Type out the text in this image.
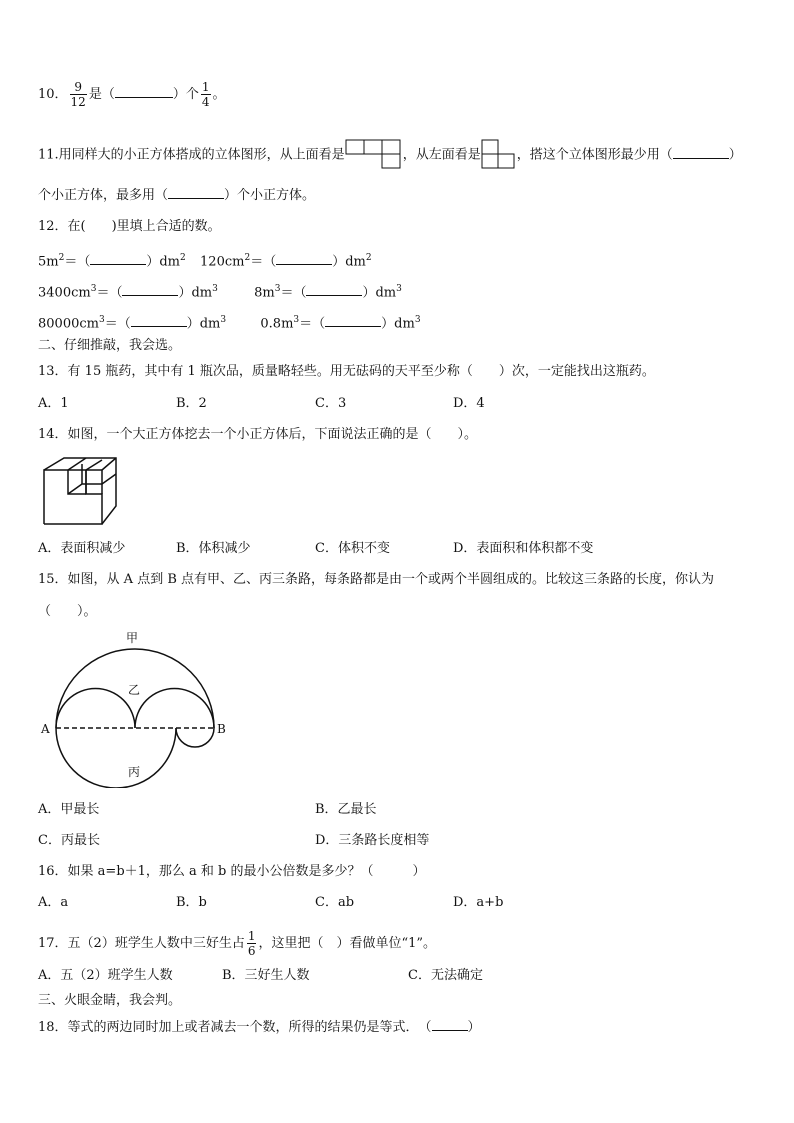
10． $\frac{9}{12}$ 是（	）个 $\frac{1}{4}$ 。
11.用同样大的小正方体搭成的立体图形，从上面看是	，从左面看是	，搭这个立体图形最少用（	）
个小正方体，最多用（	）个小正方体。
12．在(　　)里填上合适的数。
$5m^2=$（	）$dm^2$ $120cm^2=$（	）$dm^2$
$3400cm^3=$（	）$dm^3$	$8m^3=$（	）$dm^3$
$80000cm^3=$（	）$dm^3$	$0.8m^3=$（	）$dm^3$
二、仔细推敲，我会选。
13．有 15 瓶药，其中有 1 瓶次品，质量略轻些。用无砝码的天平至少称（　　）次，一定能找出这瓶药。
A．1	B．2	C．3	D．4
14．如图，一个大正方体挖去一个小正方体后，下面说法正确的是（　　）。
A．表面积减少	B．体积减少	C．体积不变	D．表面积和体积都不变
15．如图，从 A 点到 B 点有甲、乙、丙三条路，每条路都是由一个或两个半圆组成的。比较这三条路的长度，你认为
（　　）。
甲
乙
丙
A	B
A．甲最长	B．乙最长
C．丙最长	D．三条路长度相等
16．如果 a=b＋1，那么 a 和 b 的最小公倍数是多少？（　　　）
A．a	B．b	C．ab	D．a+b
17．五（2）班学生人数中三好生占 $\frac{1}{6}$ ，这里把（　）看做单位“1”。
A．五（2）班学生人数	B．三好生人数	C．无法确定
三、火眼金睛，我会判。
18．等式的两边同时加上或者减去一个数，所得的结果仍是等式．　（	）
